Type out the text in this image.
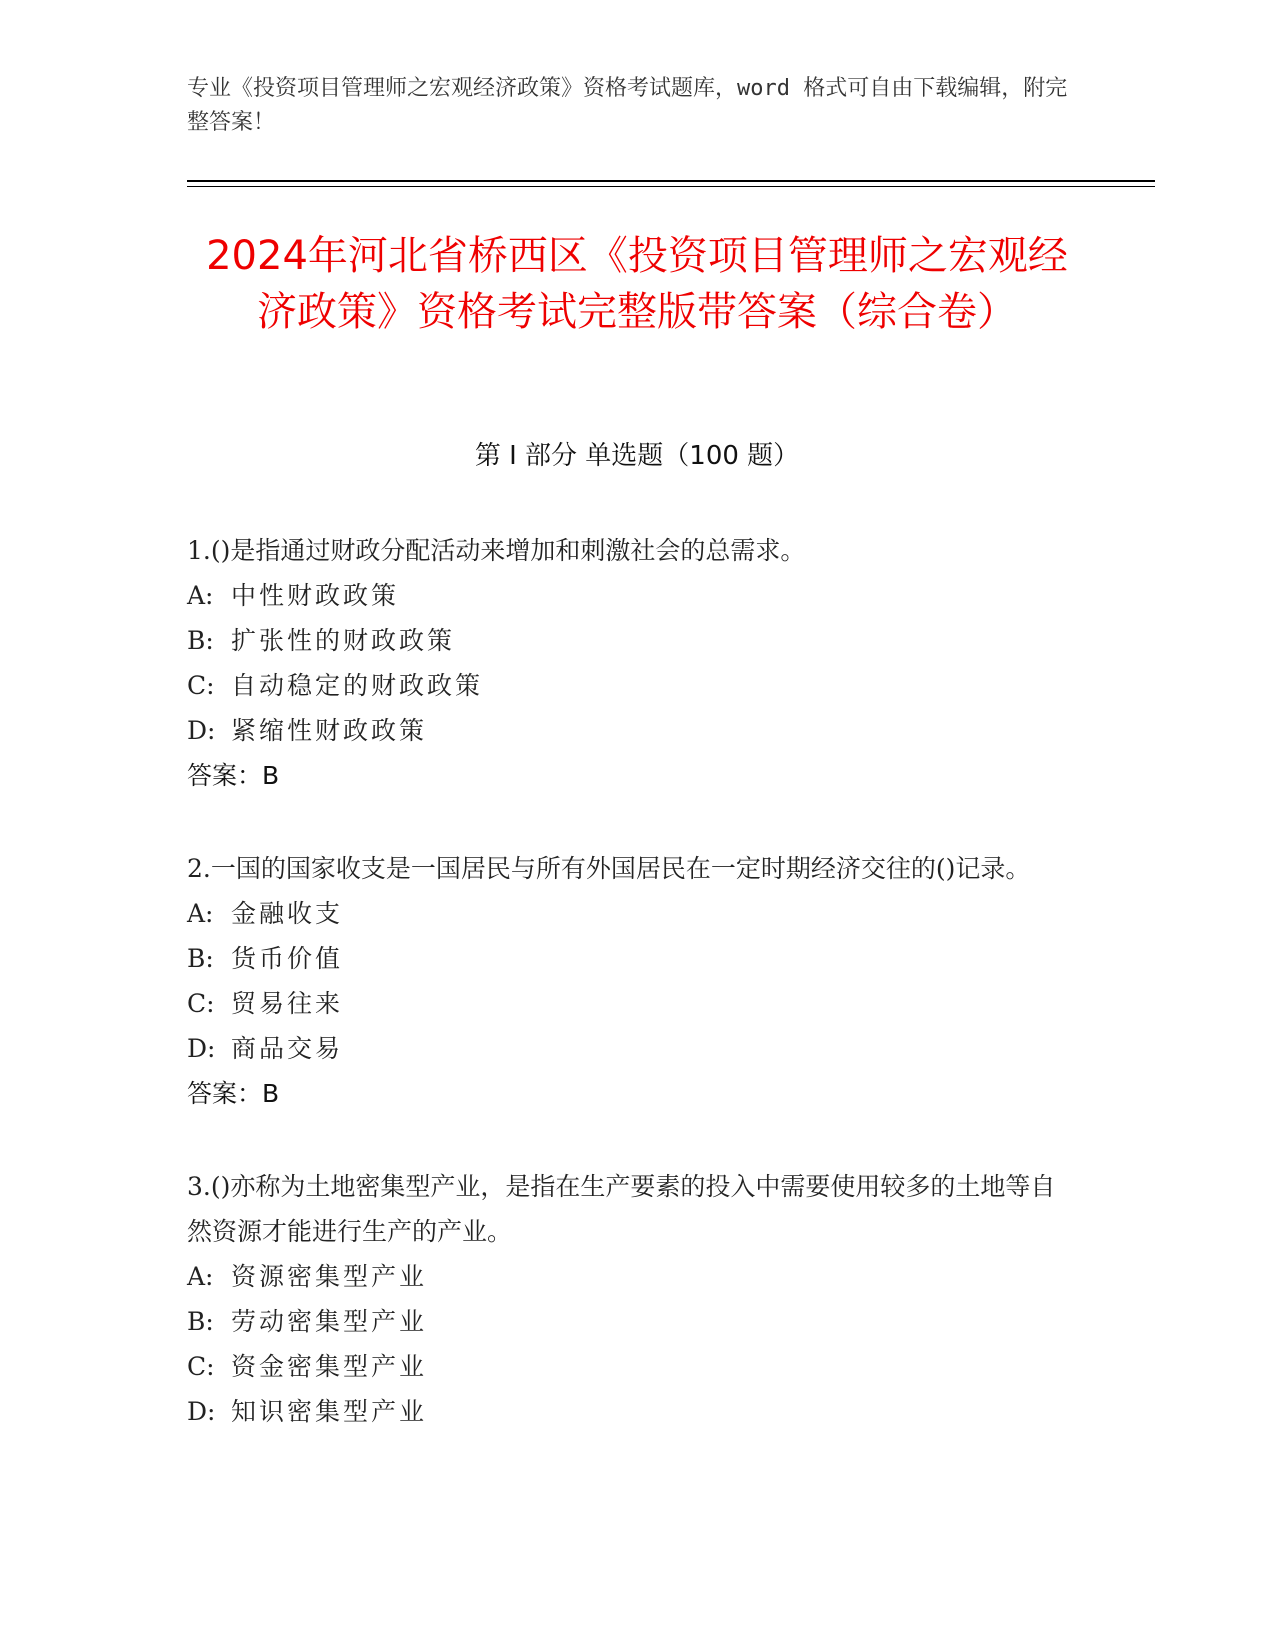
专业《投资项目管理师之宏观经济政策》资格考试题库，word 格式可自由下载编辑，附完整答案！
2024年河北省桥西区《投资项目管理师之宏观经济政策》资格考试完整版带答案（综合卷）
第 I 部分 单选题（100 题）
1.()是指通过财政分配活动来增加和刺激社会的总需求。
A: 中性财政政策
B: 扩张性的财政政策
C: 自动稳定的财政政策
D: 紧缩性财政政策
答案：B
2.一国的国家收支是一国居民与所有外国居民在一定时期经济交往的()记录。
A: 金融收支
B: 货币价值
C: 贸易往来
D: 商品交易
答案：B
3.()亦称为土地密集型产业，是指在生产要素的投入中需要使用较多的土地等自然资源才能进行生产的产业。
A: 资源密集型产业
B: 劳动密集型产业
C: 资金密集型产业
D: 知识密集型产业
